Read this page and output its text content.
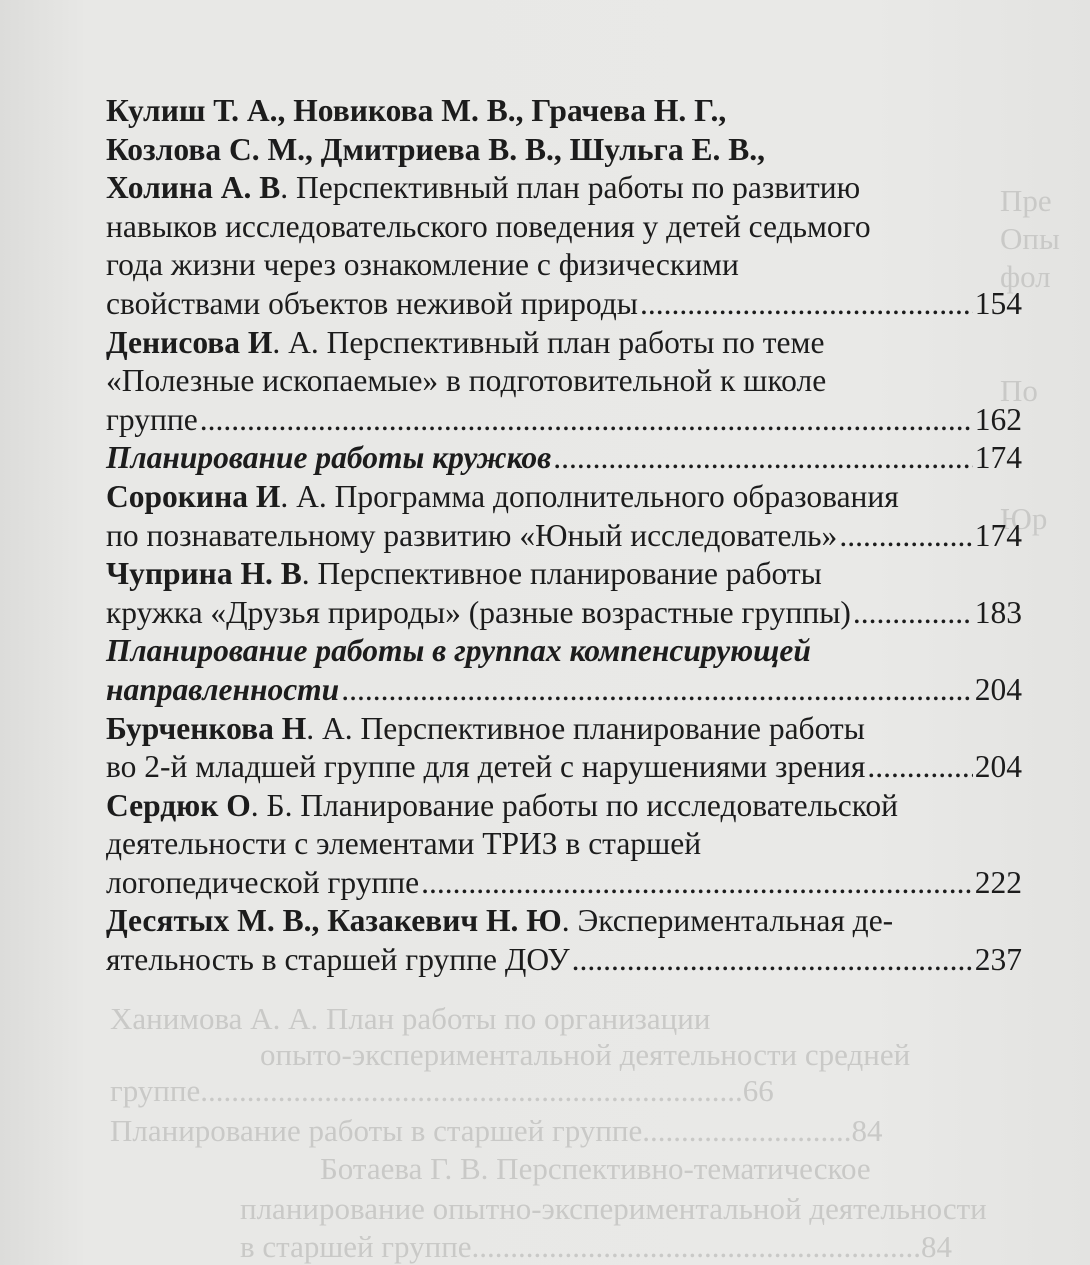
Пре
Опы
фол
По
Юр
Ханимова А. А. План работы по организации
опыто-экспериментальной деятельности средней
группе......................................................................66
Планирование работы в старшей группе...........................84
Ботаева Г. В. Перспективно-тематическое
планирование опытно-экспериментальной деятельности
в старшей группе..........................................................84
Кулиш Т. А., Новикова М. В., Грачева Н. Г.,
Козлова С. М., Дмитриева В. В., Шульга Е. В.,
Холина А. В . Перспективный план работы по развитию
навыков исследовательского поведения у детей седьмого
года жизни через ознакомление с физическими
свойствами объектов неживой природы .....	154
Денисова И . А. Перспективный план работы по теме
«Полезные ископаемые» в подготовительной к школе
группе .....	162
Планирование работы кружков .....	174
Сорокина И . А. Программа дополнительного образования
по познавательному развитию «Юный исследователь» .....	174
Чуприна Н. В . Перспективное планирование работы
кружка «Друзья природы» (разные возрастные группы) .....	183
Планирование работы в группах компенсирующей
направленности .....	204
Бурченкова Н . А. Перспективное планирование работы
во 2-й младшей группе для детей с нарушениями зрения .....	204
Сердюк О . Б. Планирование работы по исследовательской
деятельности с элементами ТРИЗ в старшей
логопедической группе .....	222
Десятых М. В., Казакевич Н. Ю . Экспериментальная де-
ятельность в старшей группе ДОУ .....	237
